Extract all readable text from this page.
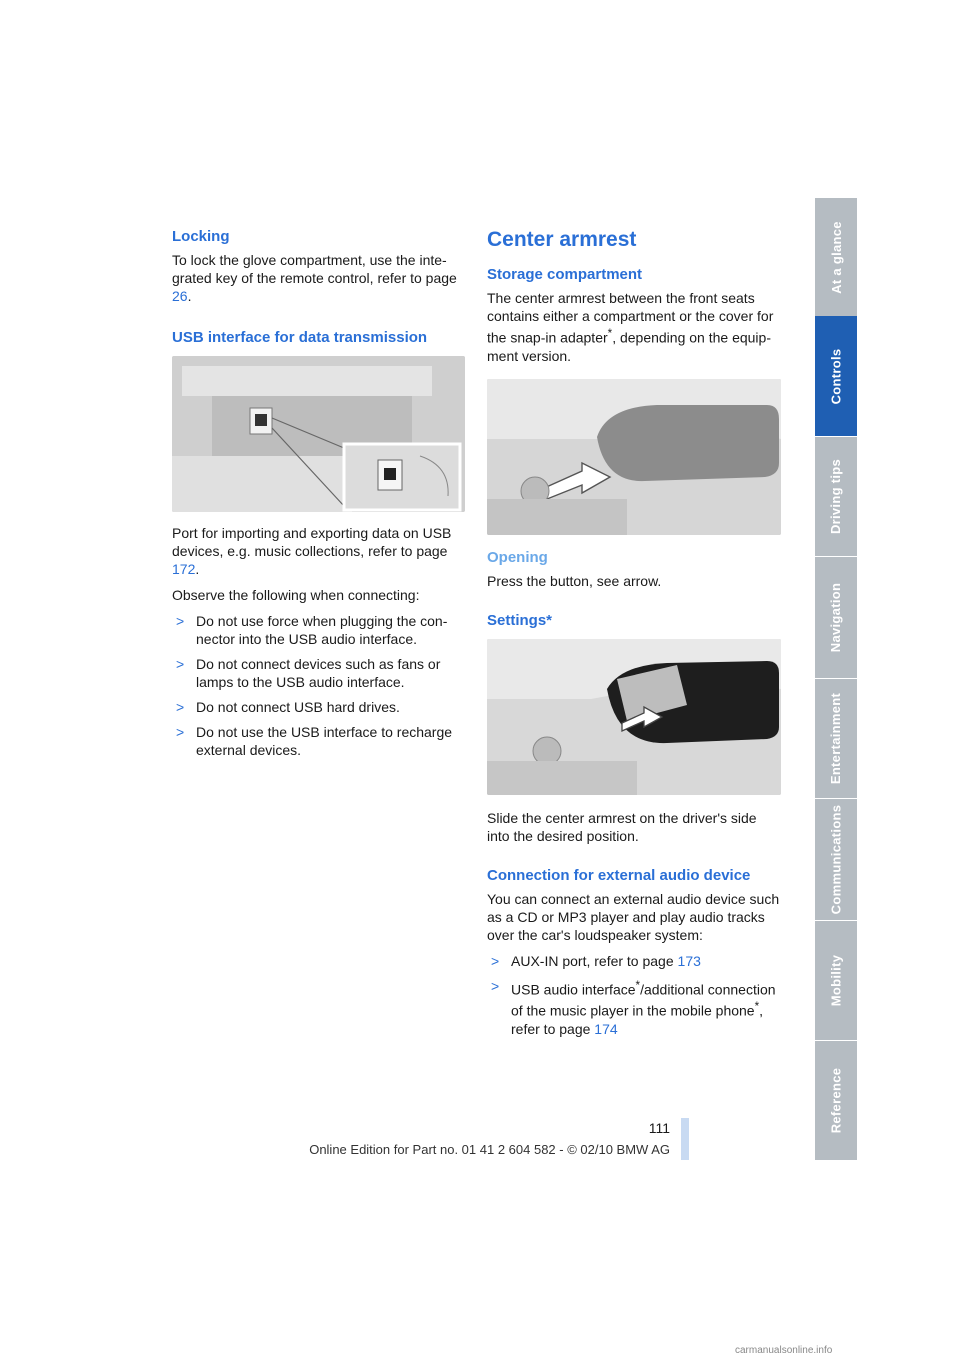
Locking

To lock the glove compartment, use the inte-grated key of the remote control, refer to page 26.

USB interface for data transmission

Port for importing and exporting data on USB devices, e.g. music collections, refer to page 172.

Observe the following when connecting:

> Do not use force when plugging the con-nector into the USB audio interface.
> Do not connect devices such as fans or lamps to the USB audio interface.
> Do not connect USB hard drives.
> Do not use the USB interface to recharge external devices.
Center armrest
Storage compartment

The center armrest between the front seats contains either a compartment or the cover for the snap-in adapter*, depending on the equip-ment version.

Opening

Press the button, see arrow.

Settings*

Slide the center armrest on the driver's side into the desired position.

Connection for external audio device

You can connect an external audio device such as a CD or MP3 player and play audio tracks over the car's loudspeaker system:

> AUX-IN port, refer to page 173
> USB audio interface*/additional connection of the music player in the mobile phone*, refer to page 174
At a glance
Controls
Driving tips
Navigation
Entertainment
Communications
Mobility
Reference
111
Online Edition for Part no. 01 41 2 604 582 - © 02/10 BMW AG
carmanualsonline.info
